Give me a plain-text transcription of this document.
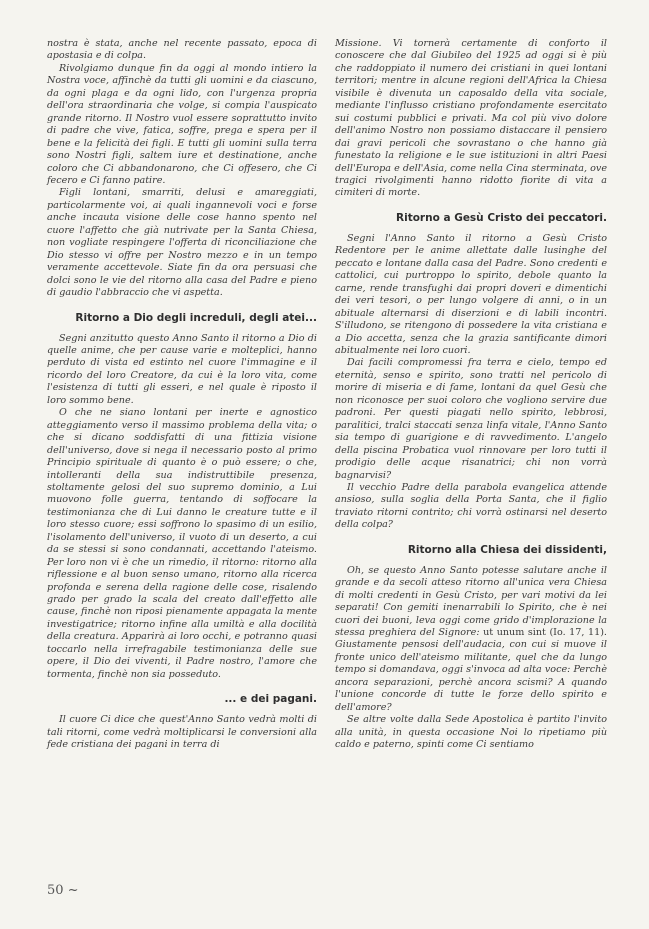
nostra è stata, anche nel recente passato, epoca di apostasia e di colpa.

Rivolgiamo dunque fin da oggi al mondo intiero la Nostra voce, affinchè da tutti gli uomini e da ciascuno, da ogni plaga e da ogni lido, con l'urgenza propria dell'ora straordinaria che volge, si compia l'auspicato grande ritorno. Il Nostro vuol essere soprattutto invito di padre che vive, fatica, soffre, prega e spera per il bene e la felicità dei figli. E tutti gli uomini sulla terra sono Nostri figli, saltem iure et destinatione, anche coloro che Ci abbandonarono, che Ci offesero, che Ci fecero e Ci fanno patire.

Figli lontani, smarriti, delusi e amareggiati, particolarmente voi, ai quali ingannevoli voci e forse anche incauta visione delle cose hanno spento nel cuore l'affetto che già nutrivate per la Santa Chiesa, non vogliate respingere l'offerta di riconciliazione che Dio stesso vi offre per Nostro mezzo e in un tempo veramente accettevole. Siate fin da ora persuasi che dolci sono le vie del ritorno alla casa del Padre e pieno di gaudio l'abbraccio che vi aspetta.

Ritorno a Dio degli increduli, degli atei...

Segni anzitutto questo Anno Santo il ritorno a Dio di quelle anime, che per cause varie e molteplici, hanno perduto di vista ed estinto nel cuore l'immagine e il ricordo del loro Creatore, da cui è la loro vita, come l'esistenza di tutti gli esseri, e nel quale è riposto il loro sommo bene.

O che ne siano lontani per inerte e agnostico atteggiamento verso il massimo problema della vita; o che si dicano soddisfatti di una fittizia visione dell'universo, dove si nega il necessario posto al primo Principio spirituale di quanto è o può essere; o che, intolleranti della sua indistruttibile presenza, stoltamente gelosi del suo supremo dominio, a Lui muovono folle guerra, tentando di soffocare la testimonianza che di Lui danno le creature tutte e il loro stesso cuore; essi soffrono lo spasimo di un esilio, l'isolamento dell'universo, il vuoto di un deserto, a cui da se stessi si sono condannati, accettando l'ateismo. Per loro non vi è che un rimedio, il ritorno: ritorno alla riflessione e al buon senso umano, ritorno alla ricerca profonda e serena della ragione delle cose, risalendo grado per grado la scala del creato dall'effetto alle cause, finchè non riposi pienamente appagata la mente investigatrice; ritorno infine alla umiltà e alla docilità della creatura. Apparirà ai loro occhi, e potranno quasi toccarlo nella irrefragabile testimonianza delle sue opere, il Dio dei viventi, il Padre nostro, l'amore che tormenta, finchè non sia posseduto.

... e dei pagani.

Il cuore Ci dice che quest'Anno Santo vedrà molti di tali ritorni, come vedrà moltiplicarsi le conversioni alla fede cristiana dei pagani in terra di

Missione. Vi tornerà certamente di conforto il conoscere che dal Giubileo del 1925 ad oggi si è più che raddoppiato il numero dei cristiani in quei lontani territori; mentre in alcune regioni dell'Africa la Chiesa visibile è divenuta un caposaldo della vita sociale, mediante l'influsso cristiano profondamente esercitato sui costumi pubblici e privati. Ma col più vivo dolore dell'animo Nostro non possiamo distaccare il pensiero dai gravi pericoli che sovrastano o che hanno già funestato la religione e le sue istituzioni in altri Paesi dell'Europa e dell'Asia, come nella Cina sterminata, ove tragici rivolgimenti hanno ridotto fiorite di vita a cimiteri di morte.

Ritorno a Gesù Cristo dei peccatori.

Segni l'Anno Santo il ritorno a Gesù Cristo Redentore per le anime allettate dalle lusinghe del peccato e lontane dalla casa del Padre. Sono credenti e cattolici, cui purtroppo lo spirito, debole quanto la carne, rende transfughi dai propri doveri e dimentichi dei veri tesori, o per lungo volgere di anni, o in un abituale alternarsi di diserzioni e di labili incontri. S'illudono, se ritengono di possedere la vita cristiana e a Dio accetta, senza che la grazia santificante dimori abitualmente nei loro cuori.

Dai facili compromessi fra terra e cielo, tempo ed eternità, senso e spirito, sono tratti nel pericolo di morire di miseria e di fame, lontani da quel Gesù che non riconosce per suoi coloro che vogliono servire due padroni. Per questi piagati nello spirito, lebbrosi, paralitici, tralci staccati senza linfa vitale, l'Anno Santo sia tempo di guarigione e di ravvedimento. L'angelo della piscina Probatica vuol rinnovare per loro tutti il prodigio delle acque risanatrici; chi non vorrà bagnarvisi?

Il vecchio Padre della parabola evangelica attende ansioso, sulla soglia della Porta Santa, che il figlio traviato ritorni contrito; chi vorrà ostinarsi nel deserto della colpa?

Ritorno alla Chiesa dei dissidenti,

Oh, se questo Anno Santo potesse salutare anche il grande e da secoli atteso ritorno all'unica vera Chiesa di molti credenti in Gesù Cristo, per vari motivi da lei separati! Con gemiti inenarrabili lo Spirito, che è nei cuori dei buoni, leva oggi come grido d'implorazione la stessa preghiera del Signore: ut unum sint (Io. 17, 11). Giustamente pensosi dell'audacia, con cui si muove il fronte unico dell'ateismo militante, quel che da lungo tempo si domandava, oggi s'invoca ad alta voce: Perchè ancora separazioni, perchè ancora scismi? A quando l'unione concorde di tutte le forze dello spirito e dell'amore?

Se altre volte dalla Sede Apostolica è partito l'invito alla unità, in questa occasione Noi lo ripetiamo più caldo e paterno, spinti come Ci sentiamo

50 ~
